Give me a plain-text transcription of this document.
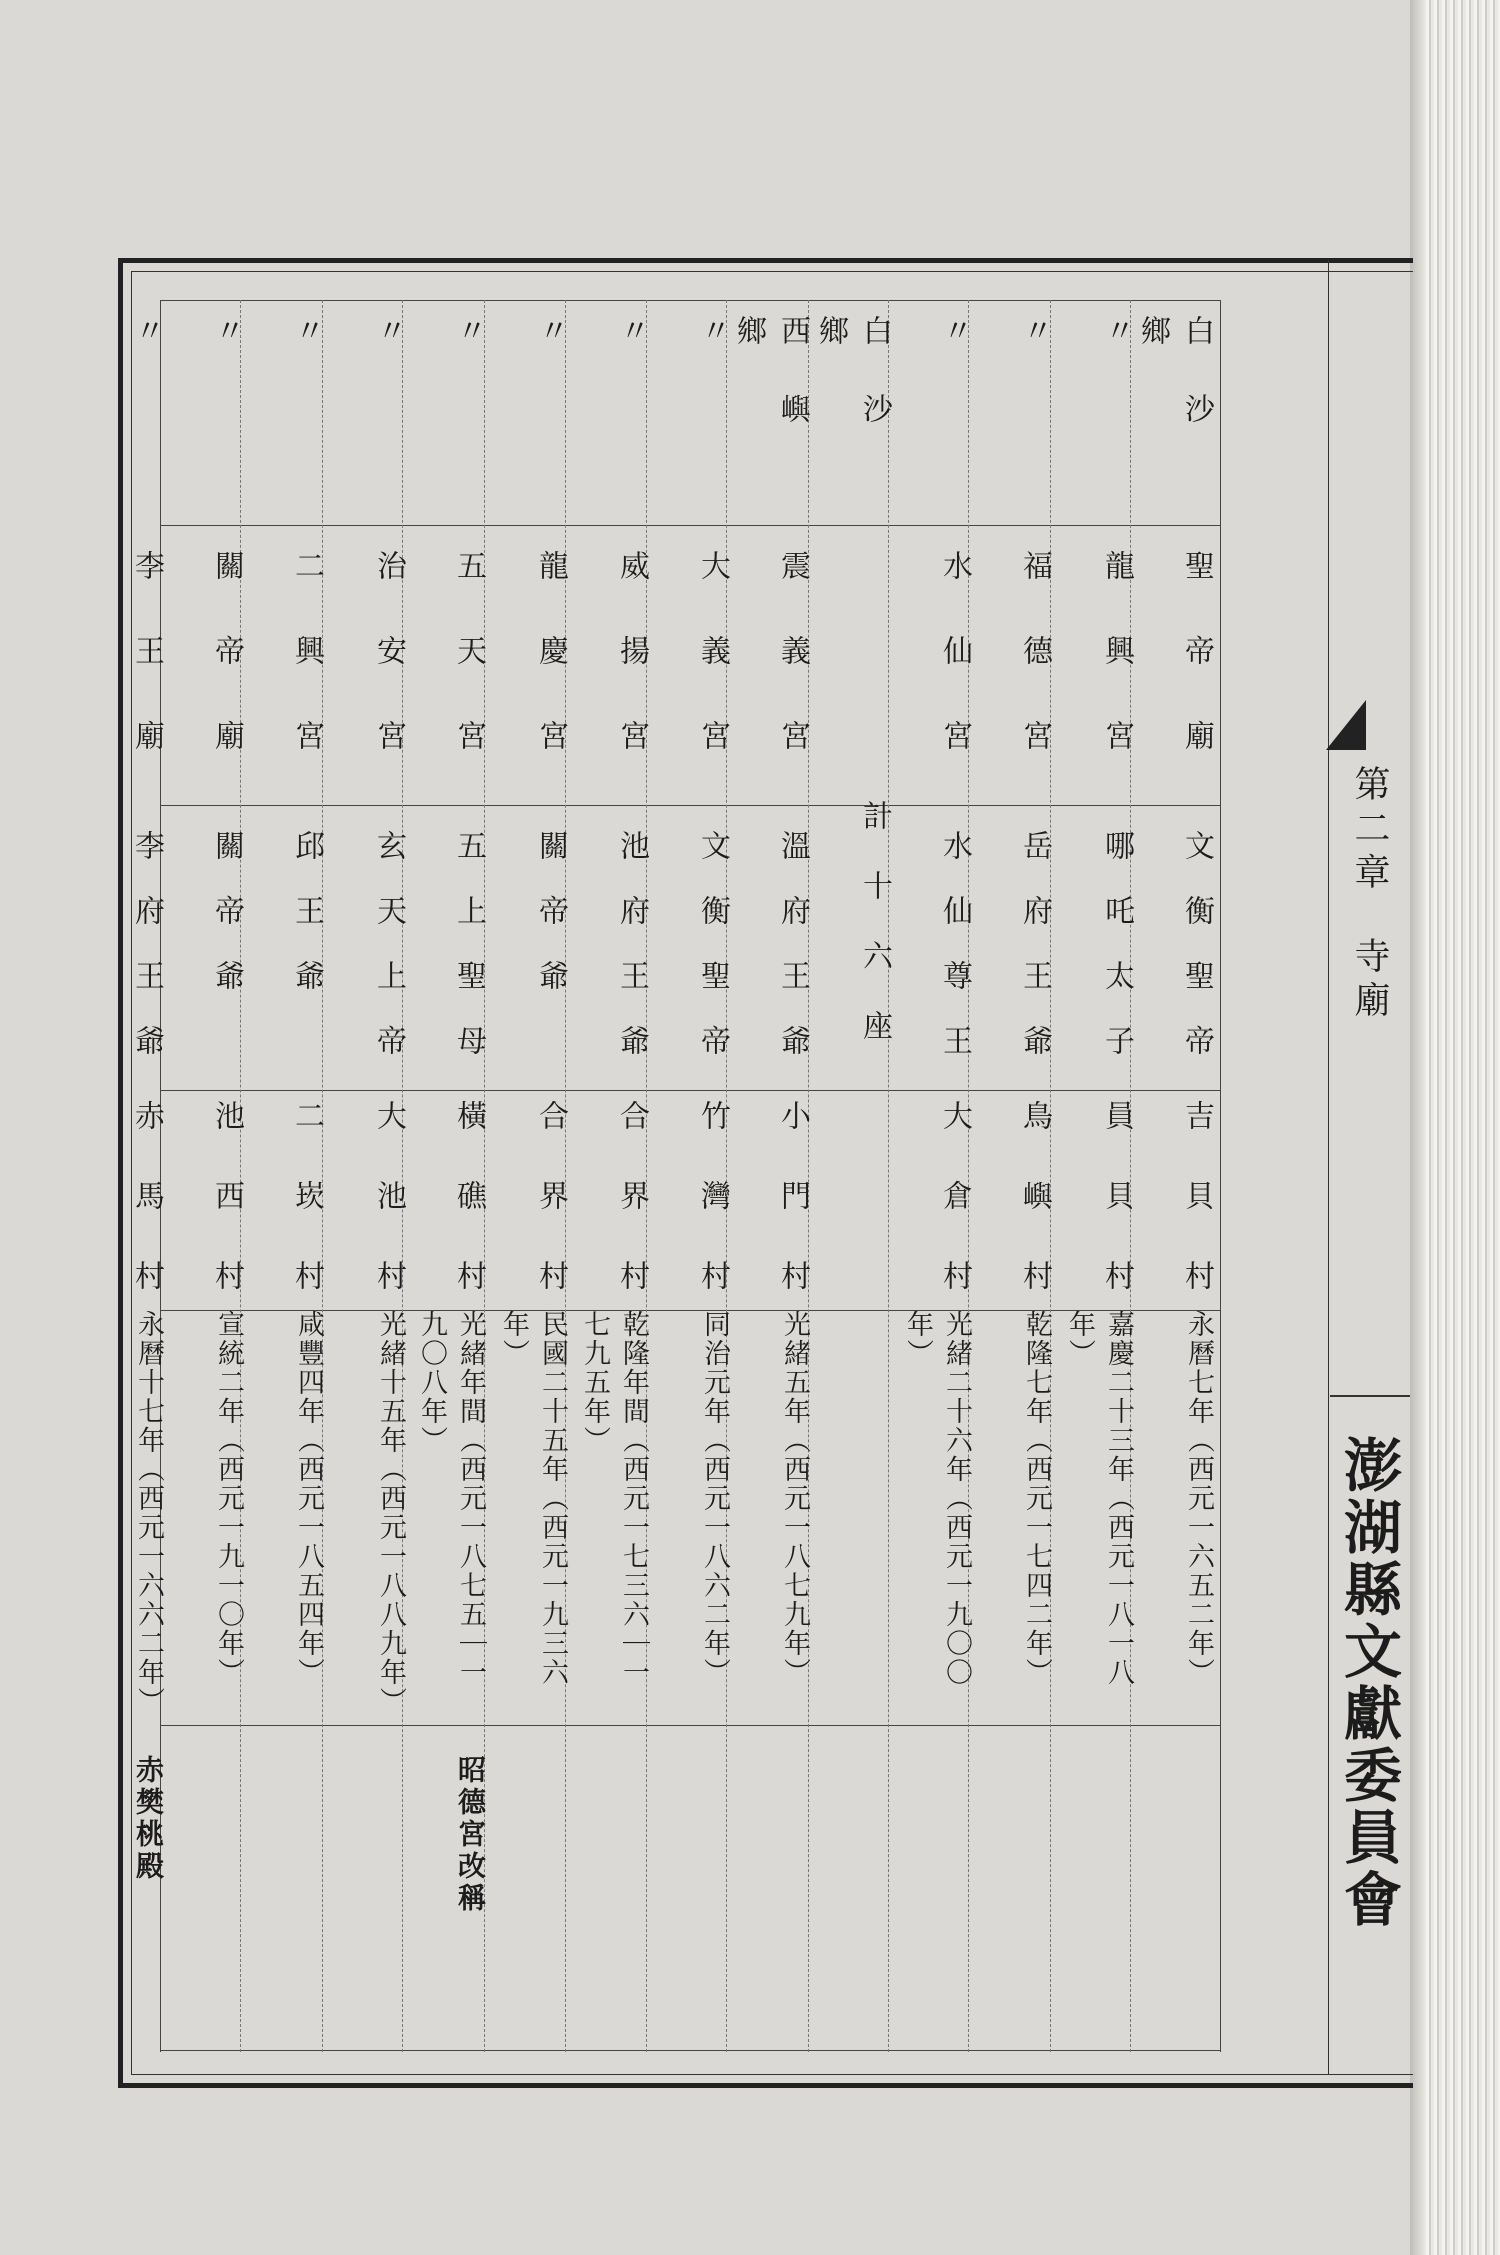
第二章寺廟
澎湖縣文獻委員會
白沙鄉
聖帝廟
文衡聖帝
吉貝村
永曆七年（西元一六五二年）
〃
龍興宮
哪吒太子
員貝村
嘉慶二十三年（西元一八一八年）
〃
福德宮
岳府王爺
鳥嶼村
乾隆七年（西元一七四二年）
〃
水仙宮
水仙尊王
大倉村
光緒二十六年（西元一九〇〇年）
白沙鄉
計十六座
西嶼鄉
震義宮
溫府王爺
小門村
光緒五年（西元一八七九年）
〃
大義宮
文衡聖帝
竹灣村
同治元年（西元一八六二年）
〃
威揚宮
池府王爺
合界村
乾隆年間（西元一七三六｜一七九五年）
〃
龍慶宮
關帝爺
合界村
民國二十五年（西元一九三六年）
〃
五天宮
五上聖母
橫礁村
光緒年間（西元一八七五｜一九〇八年）
昭德宮改稱
〃
治安宮
玄天上帝
大池村
光緒十五年（西元一八八九年）
〃
二興宮
邱王爺
二崁村
咸豐四年（西元一八五四年）
〃
關帝廟
關帝爺
池西村
宣統二年（西元一九一〇年）
〃
李王廟
李府王爺
赤馬村
永曆十七年（西元一六六二年）
赤樊桃殿
